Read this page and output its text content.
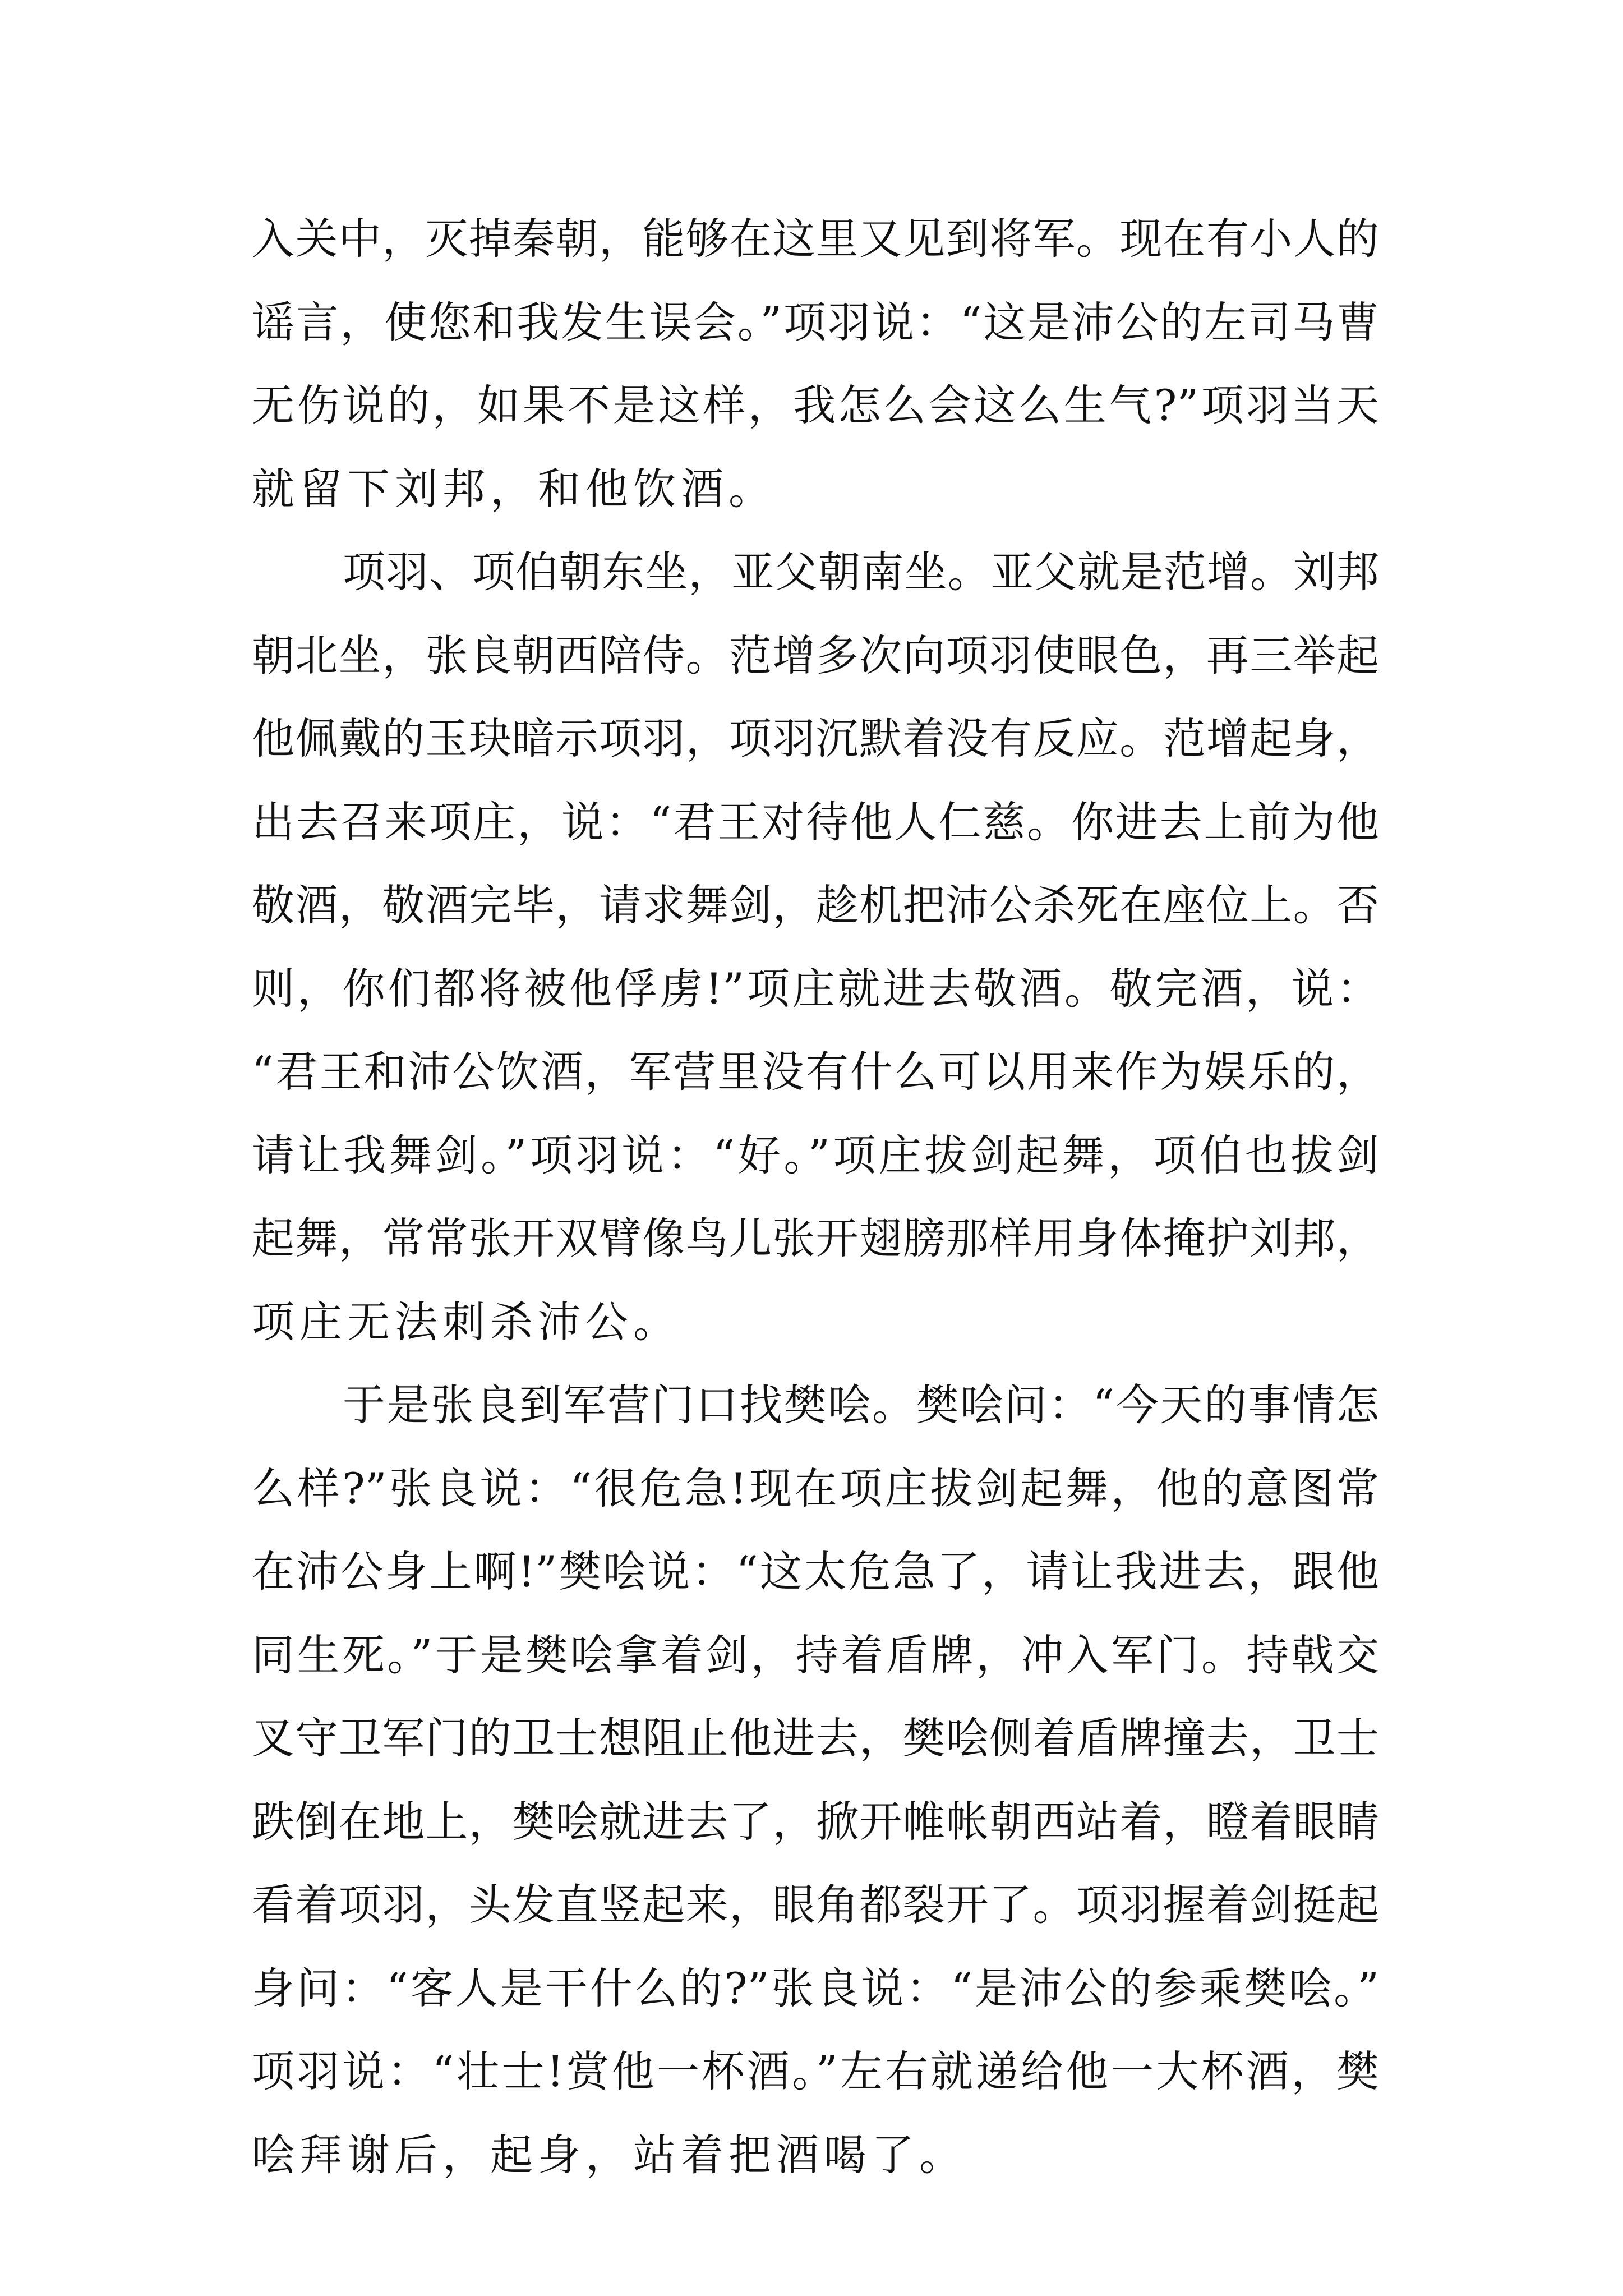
入关中，灭掉秦朝，能够在这里又见到将军。现在有小人的
谣言，使您和我发生误会。”项羽说：“这是沛公的左司马曹
无伤说的，如果不是这样，我怎么会这么生气?”项羽当天
就留下刘邦，和他饮酒。
项羽、项伯朝东坐，亚父朝南坐。亚父就是范增。刘邦
朝北坐，张良朝西陪侍。范增多次向项羽使眼色，再三举起
他佩戴的玉玦暗示项羽，项羽沉默着没有反应。范增起身，
出去召来项庄，说：“君王对待他人仁慈。你进去上前为他
敬酒，敬酒完毕，请求舞剑，趁机把沛公杀死在座位上。否
则，你们都将被他俘虏!”项庄就进去敬酒。敬完酒，说：
“君王和沛公饮酒，军营里没有什么可以用来作为娱乐的，
请让我舞剑。”项羽说：“好。”项庄拔剑起舞，项伯也拔剑
起舞，常常张开双臂像鸟儿张开翅膀那样用身体掩护刘邦，
项庄无法刺杀沛公。
于是张良到军营门口找樊哙。樊哙问：“今天的事情怎
么样?”张良说：“很危急!现在项庄拔剑起舞，他的意图常
在沛公身上啊!”樊哙说：“这太危急了，请让我进去，跟他
同生死。”于是樊哙拿着剑，持着盾牌，冲入军门。持戟交
叉守卫军门的卫士想阻止他进去，樊哙侧着盾牌撞去，卫士
跌倒在地上，樊哙就进去了，掀开帷帐朝西站着，瞪着眼睛
看着项羽，头发直竖起来，眼角都裂开了。项羽握着剑挺起
身问：“客人是干什么的?”张良说：“是沛公的参乘樊哙。”
项羽说：“壮士!赏他一杯酒。”左右就递给他一大杯酒，樊
哙拜谢后，起身，站着把酒喝了。
